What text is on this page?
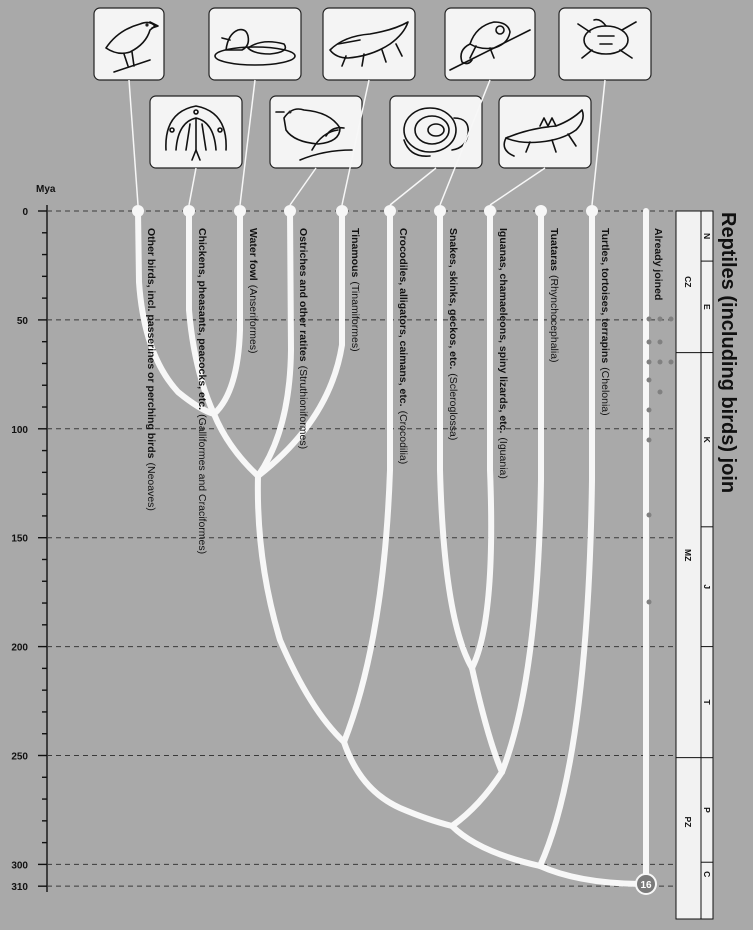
CZ
MZ
PZ
N
E
K
J
T
P
C
Mya
0
50
100
150
200
250
300
310
Other birds, incl. passerines or perching birds(Neoaves)
Chickens, pheasants, peacocks, etc.(Galliformes and Craciformes)
Water fowl(Anseriformes)	Ostriches and other ratites(Struthioniformes)
Tinamous(Tinamiformes)	Crocodiles, alligators, caimans, etc.(Crocodilia)
Snakes, skinks, geckos, etc.(Scleroglossa)	Iguanas, chamaeleons, spiny lizards, etc.(Iguania)
Tuataras(Rhynchocephalia)	Turtles, tortoises, terrapins(Chelonia)
Already joined	Reptiles (including birds) join
16
